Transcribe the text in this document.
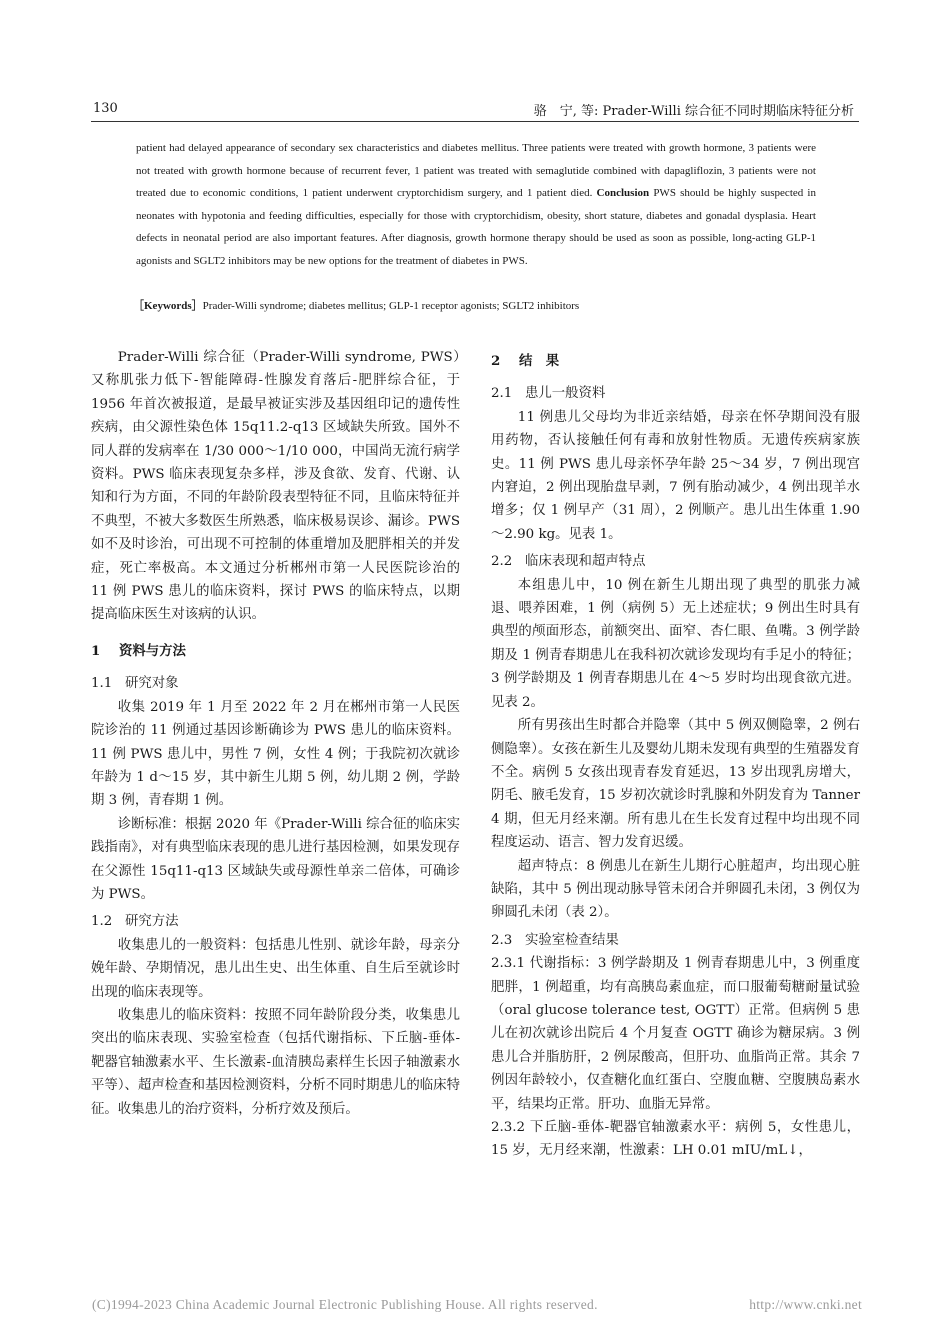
130	骆　宁, 等: Prader-Willi 综合征不同时期临床特征分析
patient had delayed appearance of secondary sex characteristics and diabetes mellitus. Three patients were treated with growth hormone, 3 patients were not treated with growth hormone because of recurrent fever, 1 patient was treated with semaglutide combined with dapagliflozin, 3 patients were not treated due to economic conditions, 1 patient underwent cryptorchidism surgery, and 1 patient died. Conclusion PWS should be highly suspected in neonates with hypotonia and feeding difficulties, especially for those with cryptorchidism, obesity, short stature, diabetes and gonadal dysplasia. Heart defects in neonatal period are also important features. After diagnosis, growth hormone therapy should be used as soon as possible, long-acting GLP-1 agonists and SGLT2 inhibitors may be new options for the treatment of diabetes in PWS.
［Keywords］Prader-Willi syndrome; diabetes mellitus; GLP-1 receptor agonists; SGLT2 inhibitors

Prader-Willi 综合征（Prader-Willi syndrome, PWS）又称肌张力低下-智能障碍-性腺发育落后-肥胖综合征，于 1956 年首次被报道，是最早被证实涉及基因组印记的遗传性疾病，由父源性染色体 15q11.2-q13 区域缺失所致。国外不同人群的发病率在 1/30 000～1/10 000，中国尚无流行病学资料。PWS 临床表现复杂多样，涉及食欲、发育、代谢、认知和行为方面，不同的年龄阶段表型特征不同，且临床特征并不典型，不被大多数医生所熟悉，临床极易误诊、漏诊。PWS 如不及时诊治，可出现不可控制的体重增加及肥胖相关的并发症，死亡率极高。本文通过分析郴州市第一人民医院诊治的 11 例 PWS 患儿的临床资料，探讨 PWS 的临床特点，以期提高临床医生对该病的认识。

1 资料与方法
1.1 研究对象

收集 2019 年 1 月至 2022 年 2 月在郴州市第一人民医院诊治的 11 例通过基因诊断确诊为 PWS 患儿的临床资料。11 例 PWS 患儿中，男性 7 例，女性 4 例；于我院初次就诊年龄为 1 d～15 岁，其中新生儿期 5 例，幼儿期 2 例，学龄期 3 例，青春期 1 例。

诊断标准：根据 2020 年《Prader-Willi 综合征的临床实践指南》，对有典型临床表现的患儿进行基因检测，如果发现存在父源性 15q11-q13 区域缺失或母源性单亲二倍体，可确诊为 PWS。

1.2 研究方法

收集患儿的一般资料：包括患儿性别、就诊年龄，母亲分娩年龄、孕期情况，患儿出生史、出生体重、自生后至就诊时出现的临床表现等。

收集患儿的临床资料：按照不同年龄阶段分类，收集患儿突出的临床表现、实验室检查（包括代谢指标、下丘脑-垂体-靶器官轴激素水平、生长激素-血清胰岛素样生长因子轴激素水平等）、超声检查和基因检测资料，分析不同时期患儿的临床特征。收集患儿的治疗资料，分析疗效及预后。

2 结　果
2.1 患儿一般资料

11 例患儿父母均为非近亲结婚，母亲在怀孕期间没有服用药物，否认接触任何有毒和放射性物质。无遗传疾病家族史。11 例 PWS 患儿母亲怀孕年龄 25～34 岁，7 例出现宫内窘迫，2 例出现胎盘早剥，7 例有胎动减少，4 例出现羊水增多；仅 1 例早产（31 周），2 例顺产。患儿出生体重 1.90～2.90 kg。见表 1。

2.2 临床表现和超声特点

本组患儿中，10 例在新生儿期出现了典型的肌张力减退、喂养困难，1 例（病例 5）无上述症状；9 例出生时具有典型的颅面形态，前额突出、面窄、杏仁眼、鱼嘴。3 例学龄期及 1 例青春期患儿在我科初次就诊发现均有手足小的特征；3 例学龄期及 1 例青春期患儿在 4～5 岁时均出现食欲亢进。见表 2。

所有男孩出生时都合并隐睾（其中 5 例双侧隐睾，2 例右侧隐睾）。女孩在新生儿及婴幼儿期未发现有典型的生殖器发育不全。病例 5 女孩出现青春发育延迟，13 岁出现乳房增大，阴毛、腋毛发育，15 岁初次就诊时乳腺和外阴发育为 Tanner 4 期，但无月经来潮。所有患儿在生长发育过程中均出现不同程度运动、语言、智力发育迟缓。

超声特点：8 例患儿在新生儿期行心脏超声，均出现心脏缺陷，其中 5 例出现动脉导管未闭合并卵圆孔未闭，3 例仅为卵圆孔未闭（表 2）。

2.3 实验室检查结果

2.3.1 代谢指标：3 例学龄期及 1 例青春期患儿中，3 例重度肥胖，1 例超重，均有高胰岛素血症，而口服葡萄糖耐量试验（oral glucose tolerance test, OGTT）正常。但病例 5 患儿在初次就诊出院后 4 个月复查 OGTT 确诊为糖尿病。3 例患儿合并脂肪肝，2 例尿酸高，但肝功、血脂尚正常。其余 7 例因年龄较小，仅查糖化血红蛋白、空腹血糖、空腹胰岛素水平，结果均正常。肝功、血脂无异常。

2.3.2 下丘脑-垂体-靶器官轴激素水平：病例 5，女性患儿，15 岁，无月经来潮，性激素：LH 0.01 mIU/mL↓，

(C)1994-2023 China Academic Journal Electronic Publishing House. All rights reserved.	http://www.cnki.net
